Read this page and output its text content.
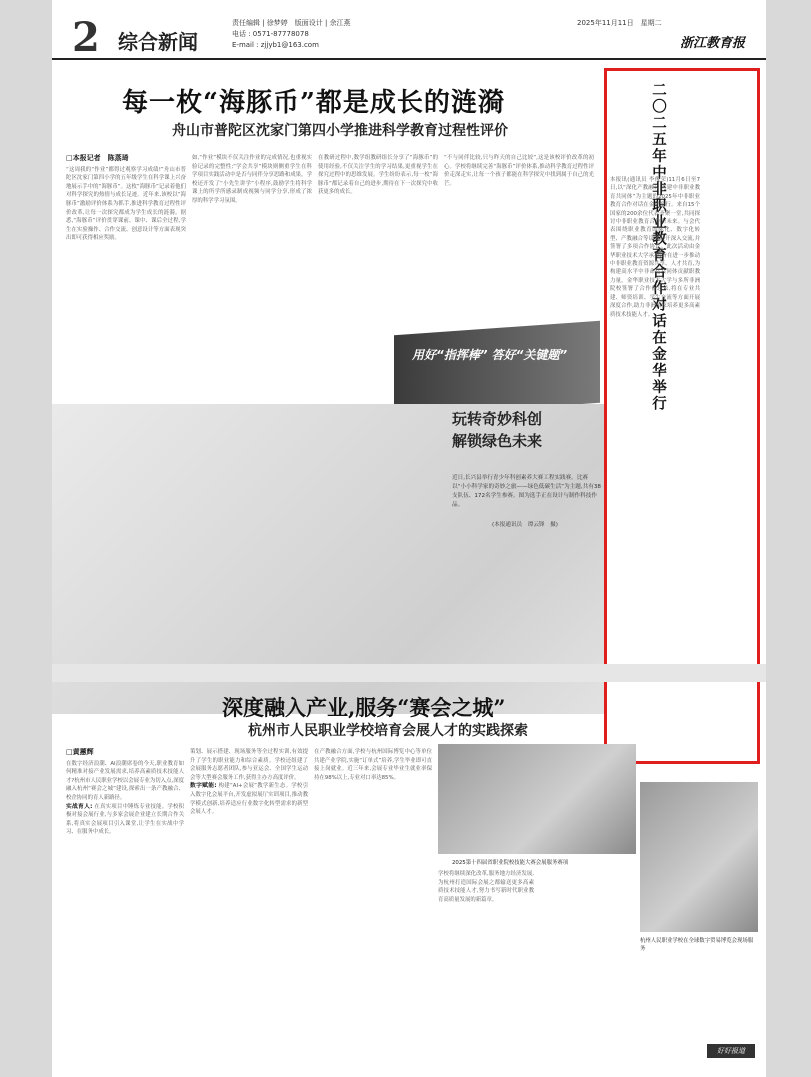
2 综合新闻
责任编辑 | 徐梦婷　版面设计 | 余江燕
电话 : 0571-87778078
E-mail : zjjyb1@163.com
2025年11月11日　星期二
浙江教育报
每一枚“海豚币”都是成长的涟漪
舟山市普陀区沈家门第四小学推进科学教育过程性评价
□本报记者　陈蒸琦
“这周我的“作业”都得过观察学习成绩!”舟山市普陀区沈家门第四小学的五年级学生在科学课上兴奋地展示手中的“海豚币”。这枚“海豚币”记录着他们对科学探究的热情与成长足迹。近年来,该校以“海豚币”激励评价体系为抓手,推进科学教育过程性评价改革,让每一次探究都成为学生成长的涟漪。据悉,“海豚币”评价贯穿课前、课中、课后全过程,学生在实验操作、合作交流、创意设计等方面表现突出即可获得相应奖励。
如,“作业”模块不仅关注作业的完成情况,也重视实验记录的完整性;“学会共享”模块则侧重学生在科学项目实践活动中是否与同伴分享思路和成果。学校还开发了“小先生讲学”小程序,鼓励学生将科学课上的所学所感录制成视频与同学分享,形成了浓厚的科学学习氛围。
在教研过程中,数学组教研组长分享了“海豚币”的使用经验,不仅关注学生的学习结果,更重视学生在探究过程中的思维发展。学生纷纷表示,每一枚“海豚币”都记录着自己的进步,期待在下一次探究中收获更多的成长。
“不与同伴比较,只与昨天的自己比较”,这是该校评价改革的初心。学校将继续完善“海豚币”评价体系,推动科学教育过程性评价走深走实,让每一个孩子都能在科学探究中找到属于自己的光芒。
用好“指挥棒” 答好“关键题”
玩转奇妙科创
解锁绿色未来
近日,长兴县举行青少年科创素养大赛工程实践赛。比赛以“小小科学家的奇妙之旅——绿色低碳生活”为主题,共有38支队伍、172名学生参赛。图为选手正在设计与制作科技作品。
(本报通讯员　谭云锋　摄)
二〇二五年中非职业教育合作对话在金华举行
本报讯(通讯员 李俊荣)11月6日至7日,以“深化产教融合 共建中非职业教育共同体”为主题的2025年中非职业教育合作对话在金华举行。来自15个国家的200余位代表齐聚一堂,共同探讨中非职业教育合作新未来。与会代表围绕职业教育国际化、数字化转型、产教融合等议题展开深入交流,并签署了多项合作协议。此次活动由金华职业技术大学承办,旨在进一步推动中非职业教育资源共享、人才共育,为构建高水平中非命运共同体贡献职教力量。金华职业技术大学与多所非洲院校签署了合作备忘录,将在专业共建、师资培训、学生交流等方面开展深度合作,助力非洲国家培养更多高素质技术技能人才。
深度融入产业,服务“赛会之城”
杭州市人民职业学校培育会展人才的实践探索
□黄蕙辉
在数字经济浪潮、AI浪潮席卷的今天,职业教育如何精准对接产业发展需求,培养高素质技术技能人才?杭州市人民职业学校以会展专业为切入点,深度融入杭州“赛会之城”建设,探索出一条产教融合、校企协同的育人新路径。
实战育人: 在真实项目中锤炼专业技能。学校积极对接会展行业,与多家会展企业建立长期合作关系,将真实会展项目引入课堂,让学生在实战中学习、在服务中成长。
策划、展示搭建、现场服务等全过程实训,有效提升了学生的职业能力和综合素质。学校还组建了会展服务志愿者团队,参与亚运会、全国学生运动会等大型赛会服务工作,获得主办方高度评价。
数字赋能: 构建“AI+会展”教学新生态。学校引入数字化会展平台,开发虚拟展厅实训项目,推动教学模式创新,培养适应行业数字化转型需求的新型会展人才。
在产教融合方面,学校与杭州国际博览中心等单位共建产业学院,实施“订单式”培养,学生毕业即可直接上岗就业。近三年来,会展专业毕业生就业率保持在98%以上,专业对口率达85%。
2025第十四届省职业院校技能大赛会展服务赛项
杭州人民职业学校在全球数字贸易博览会现场服务
学校将继续深化改革,服务地方经济发展,为杭州打造国际会展之都输送更多高素质技术技能人才,努力书写新时代职业教育高质量发展的新篇章。
好好报道
